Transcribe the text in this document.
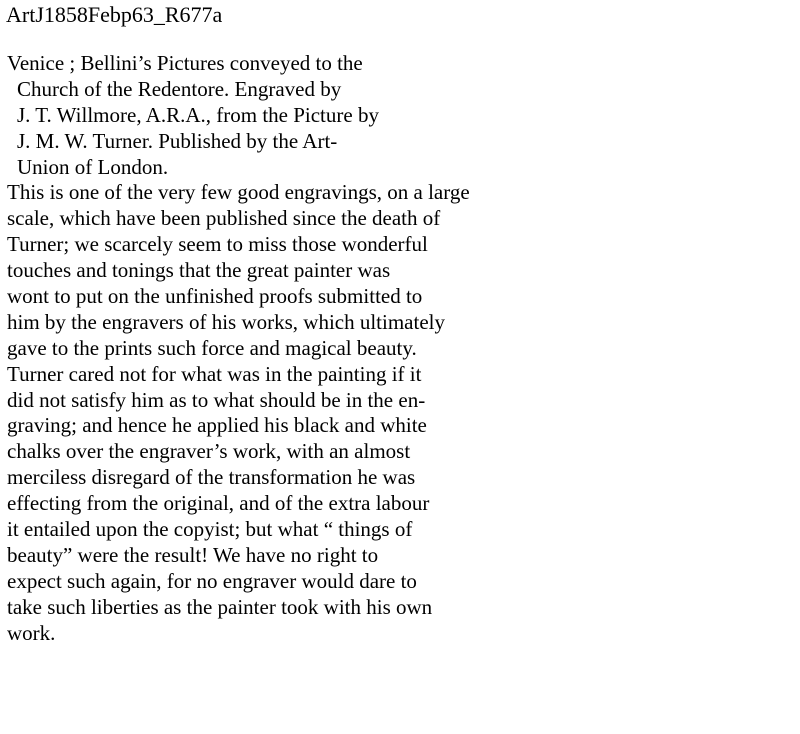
ArtJ1858Febp63_R677a
Venice ; Bellini’s Pictures conveyed to the
Church of the Redentore. Engraved by
J. T. Willmore, A.R.A., from the Picture by
J. M. W. Turner. Published by the Art-
Union of London.
This is one of the very few good engravings, on a large
scale, which have been published since the death of
Turner; we scarcely seem to miss those wonderful
touches and tonings that the great painter was
wont to put on the unfinished proofs submitted to
him by the engravers of his works, which ultimately
gave to the prints such force and magical beauty.
Turner cared not for what was in the painting if it
did not satisfy him as to what should be in the en-
graving; and hence he applied his black and white
chalks over the engraver’s work, with an almost
merciless disregard of the transformation he was
effecting from the original, and of the extra labour
it entailed upon the copyist; but what “ things of
beauty” were the result! We have no right to
expect such again, for no engraver would dare to
take such liberties as the painter took with his own
work.
